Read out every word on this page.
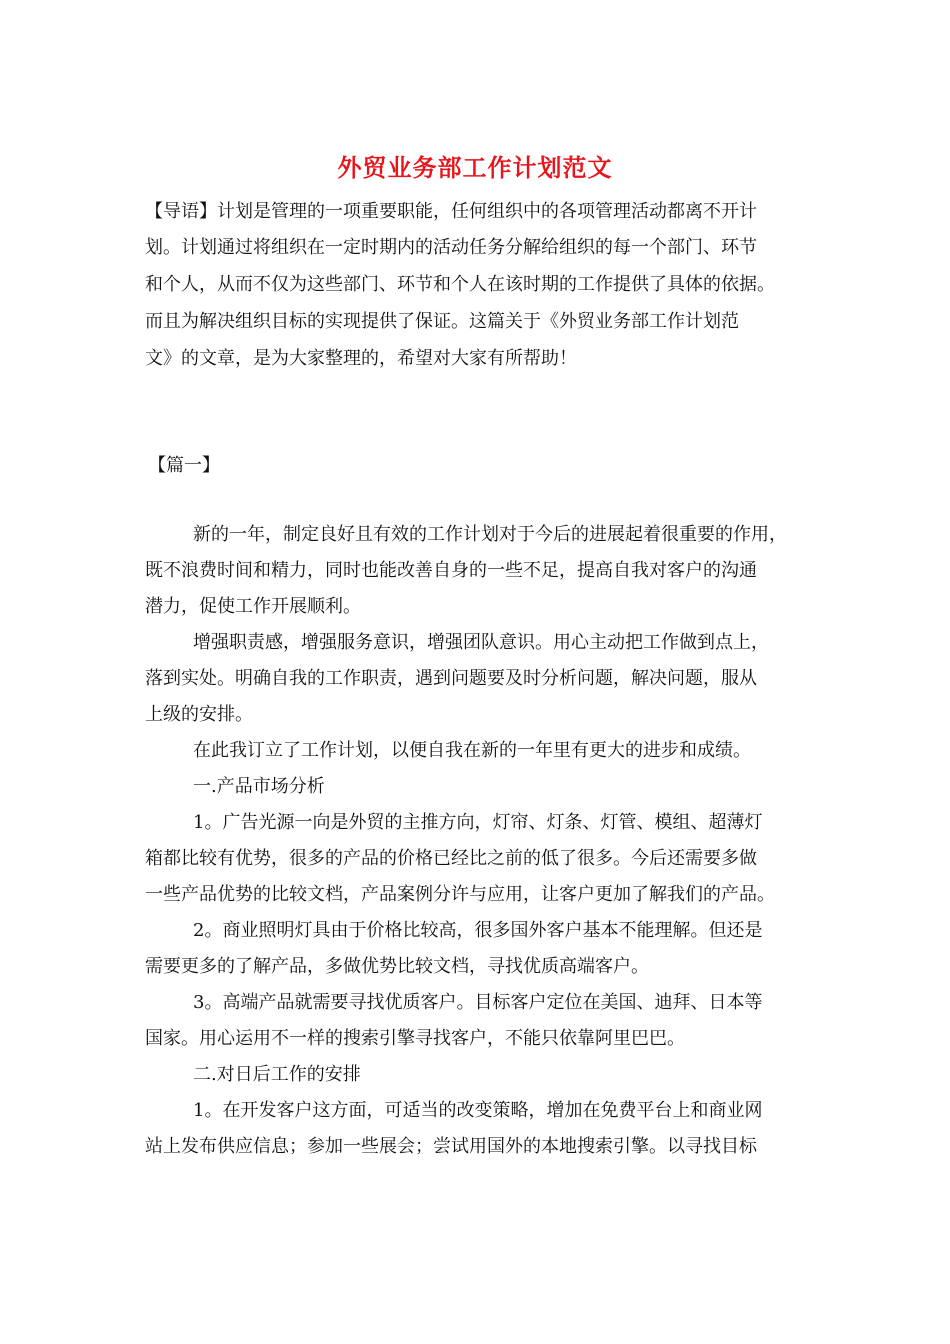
外贸业务部工作计划范文
【导语】计划是管理的一项重要职能，任何组织中的各项管理活动都离不开计
划。计划通过将组织在一定时期内的活动任务分解给组织的每一个部门、环节
和个人，从而不仅为这些部门、环节和个人在该时期的工作提供了具体的依据。
而且为解决组织目标的实现提供了保证。这篇关于《外贸业务部工作计划范
文》的文章，是为大家整理的，希望对大家有所帮助！
【篇一】
新的一年，制定良好且有效的工作计划对于今后的进展起着很重要的作用，
既不浪费时间和精力，同时也能改善自身的一些不足，提高自我对客户的沟通
潜力，促使工作开展顺利。
增强职责感，增强服务意识，增强团队意识。用心主动把工作做到点上，
落到实处。明确自我的工作职责，遇到问题要及时分析问题，解决问题，服从
上级的安排。
在此我订立了工作计划，以便自我在新的一年里有更大的进步和成绩。
一.产品市场分析
1。广告光源一向是外贸的主推方向，灯帘、灯条、灯管、模组、超薄灯
箱都比较有优势，很多的产品的价格已经比之前的低了很多。今后还需要多做
一些产品优势的比较文档，产品案例分许与应用，让客户更加了解我们的产品。
2。商业照明灯具由于价格比较高，很多国外客户基本不能理解。但还是
需要更多的了解产品，多做优势比较文档，寻找优质高端客户。
3。高端产品就需要寻找优质客户。目标客户定位在美国、迪拜、日本等
国家。用心运用不一样的搜索引擎寻找客户，不能只依靠阿里巴巴。
二.对日后工作的安排
1。在开发客户这方面，可适当的改变策略，增加在免费平台上和商业网
站上发布供应信息；参加一些展会；尝试用国外的本地搜索引擎。以寻找目标
